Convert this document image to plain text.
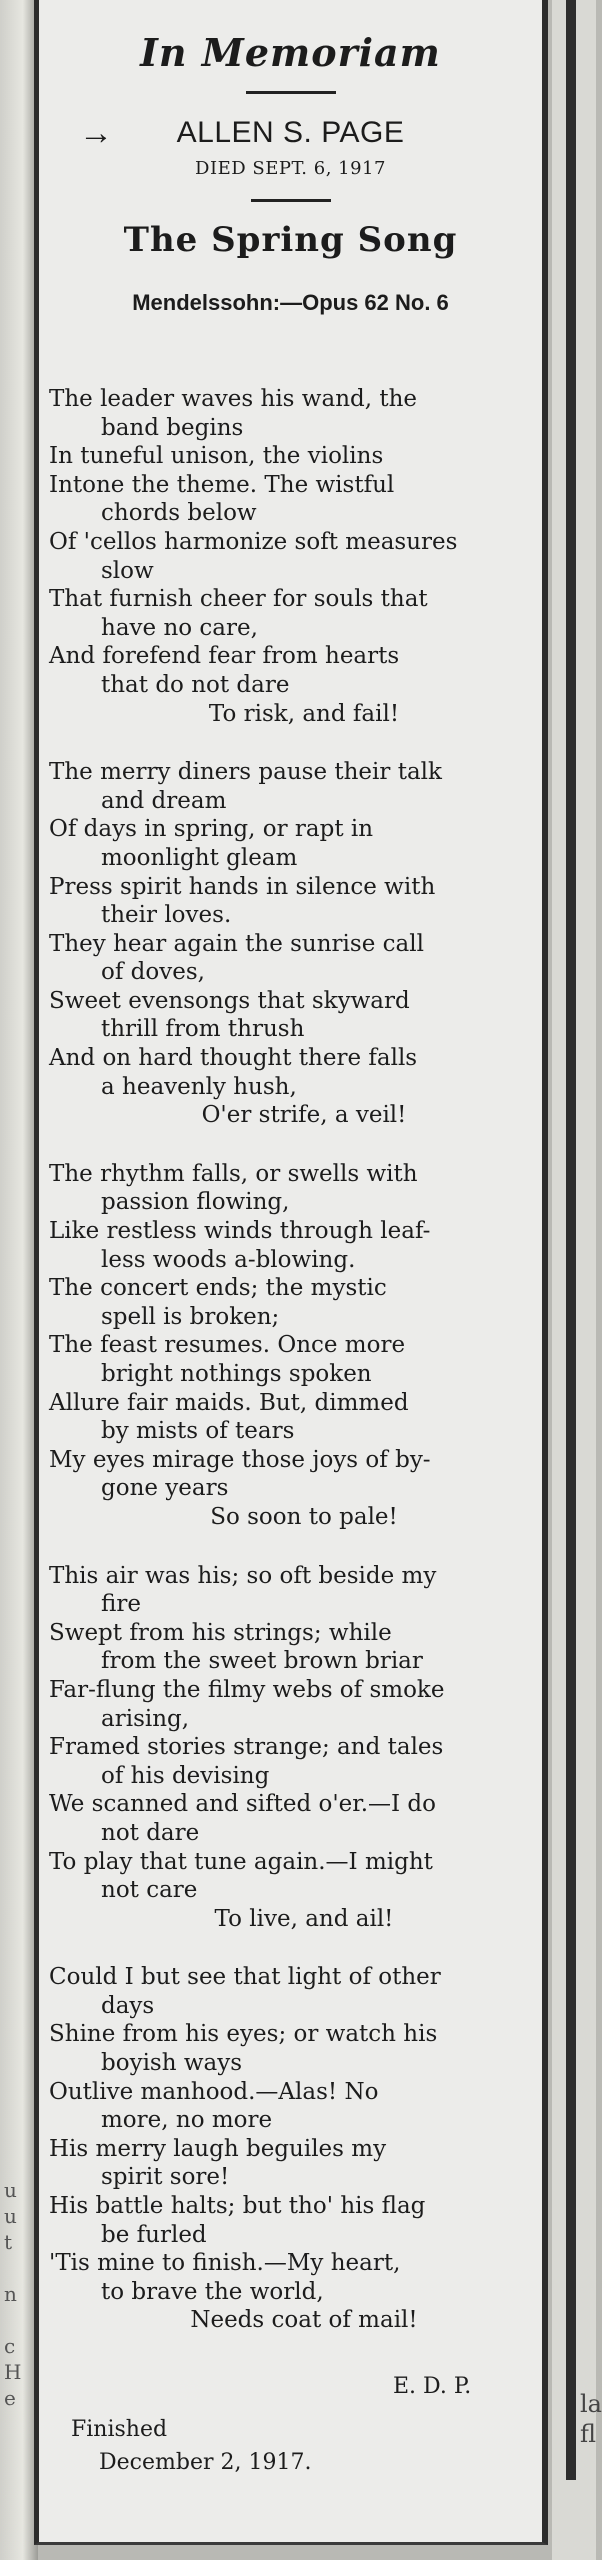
u
u
t
n
c
H
e	la
fl
In Memoriam
→ ALLEN S. PAGE
DIED SEPT. 6, 1917
The Spring Song
Mendelssohn:—Opus 62 No. 6
The leader waves his wand, the
band begins
In tuneful unison, the violins
Intone the theme. The wistful
chords below
Of 'cellos harmonize soft measures
slow
That furnish cheer for souls that
have no care,
And forefend fear from hearts
that do not dare
To risk, and fail!
The merry diners pause their talk
and dream
Of days in spring, or rapt in
moonlight gleam
Press spirit hands in silence with
their loves.
They hear again the sunrise call
of doves,
Sweet evensongs that skyward
thrill from thrush
And on hard thought there falls
a heavenly hush,
O'er strife, a veil!
The rhythm falls, or swells with
passion flowing,
Like restless winds through leaf-
less woods a-blowing.
The concert ends; the mystic
spell is broken;
The feast resumes. Once more
bright nothings spoken
Allure fair maids. But, dimmed
by mists of tears
My eyes mirage those joys of by-
gone years
So soon to pale!
This air was his; so oft beside my
fire
Swept from his strings; while
from the sweet brown briar
Far-flung the filmy webs of smoke
arising,
Framed stories strange; and tales
of his devising
We scanned and sifted o'er.—I do
not dare
To play that tune again.—I might
not care
To live, and ail!
Could I but see that light of other
days
Shine from his eyes; or watch his
boyish ways
Outlive manhood.—Alas! No
more, no more
His merry laugh beguiles my
spirit sore!
His battle halts; but tho' his flag
be furled
'Tis mine to finish.—My heart,
to brave the world,
Needs coat of mail!
E. D. P.
Finished
December 2, 1917.
